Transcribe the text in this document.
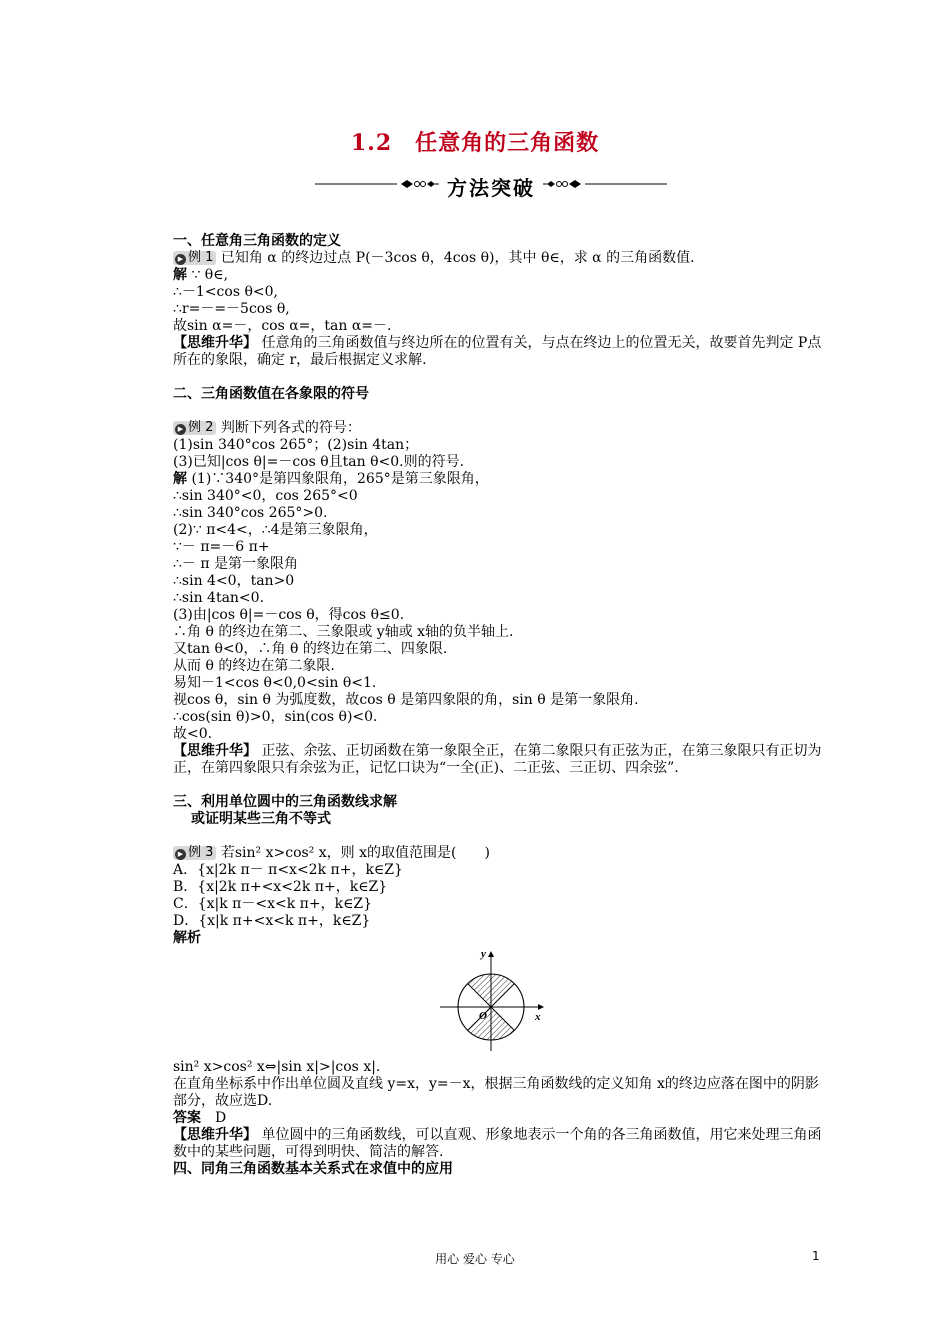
1.2　任意角的三角函数
方法突破
一、任意角三角函数的定义
▶ 例 1 已知角 α 的终边过点 P(－3cos θ，4cos θ)，其中 θ∈，求 α 的三角函数值.
解 ∵ θ∈,
∴－1<cos θ<0,
∴r=－=－5cos θ,
故sin α=－，cos α=，tan α=－.
【思维升华】 任意角的三角函数值与终边所在的位置有关，与点在终边上的位置无关，故要首先判定 P点所在的象限，确定 r，最后根据定义求解.
二、三角函数值在各象限的符号
▶ 例 2 判断下列各式的符号：
(1)sin 340°cos 265°；(2)sin 4tan；
(3)已知|cos θ|=－cos θ且tan θ<0.则的符号.
解 (1)∵340°是第四象限角，265°是第三象限角，
∴sin 340°<0，cos 265°<0
∴sin 340°cos 265°>0.
(2)∵ π<4<，∴4是第三象限角，
∵－ π=－6 π+
∴－ π 是第一象限角
∴sin 4<0，tan>0
∴sin 4tan<0.
(3)由|cos θ|=－cos θ，得cos θ≤0.
∴角 θ 的终边在第二、三象限或 y轴或 x轴的负半轴上.
又tan θ<0，∴角 θ 的终边在第二、四象限.
从而 θ 的终边在第二象限.
易知－1<cos θ<0,0<sin θ<1.
视cos θ，sin θ 为弧度数，故cos θ 是第四象限的角，sin θ 是第一象限角.
∴cos(sin θ)>0，sin(cos θ)<0.
故<0.
【思维升华】 正弦、余弦、正切函数在第一象限全正，在第二象限只有正弦为正，在第三象限只有正切为正，在第四象限只有余弦为正，记忆口诀为“一全(正)、二正弦、三正切、四余弦”.
三、利用单位圆中的三角函数线求解
或证明某些三角不等式
▶ 例 3 若sin² x>cos² x，则 x的取值范围是(　　)
A．{x|2k π－ π<x<2k π+，k∈Z}
B．{x|2k π+<x<2k π+，k∈Z}
C．{x|k π－<x<k π+，k∈Z}
D．{x|k π+<x<k π+，k∈Z}
解析
x
y
O
sin² x>cos² x⇔|sin x|>|cos x|.
在直角坐标系中作出单位圆及直线 y=x，y=－x，根据三角函数线的定义知角 x的终边应落在图中的阴影部分，故应选D.
答案　D
【思维升华】 单位圆中的三角函数线，可以直观、形象地表示一个角的各三角函数值，用它来处理三角函数中的某些问题，可得到明快、简洁的解答.
四、同角三角函数基本关系式在求值中的应用
用心 爱心 专心	1
